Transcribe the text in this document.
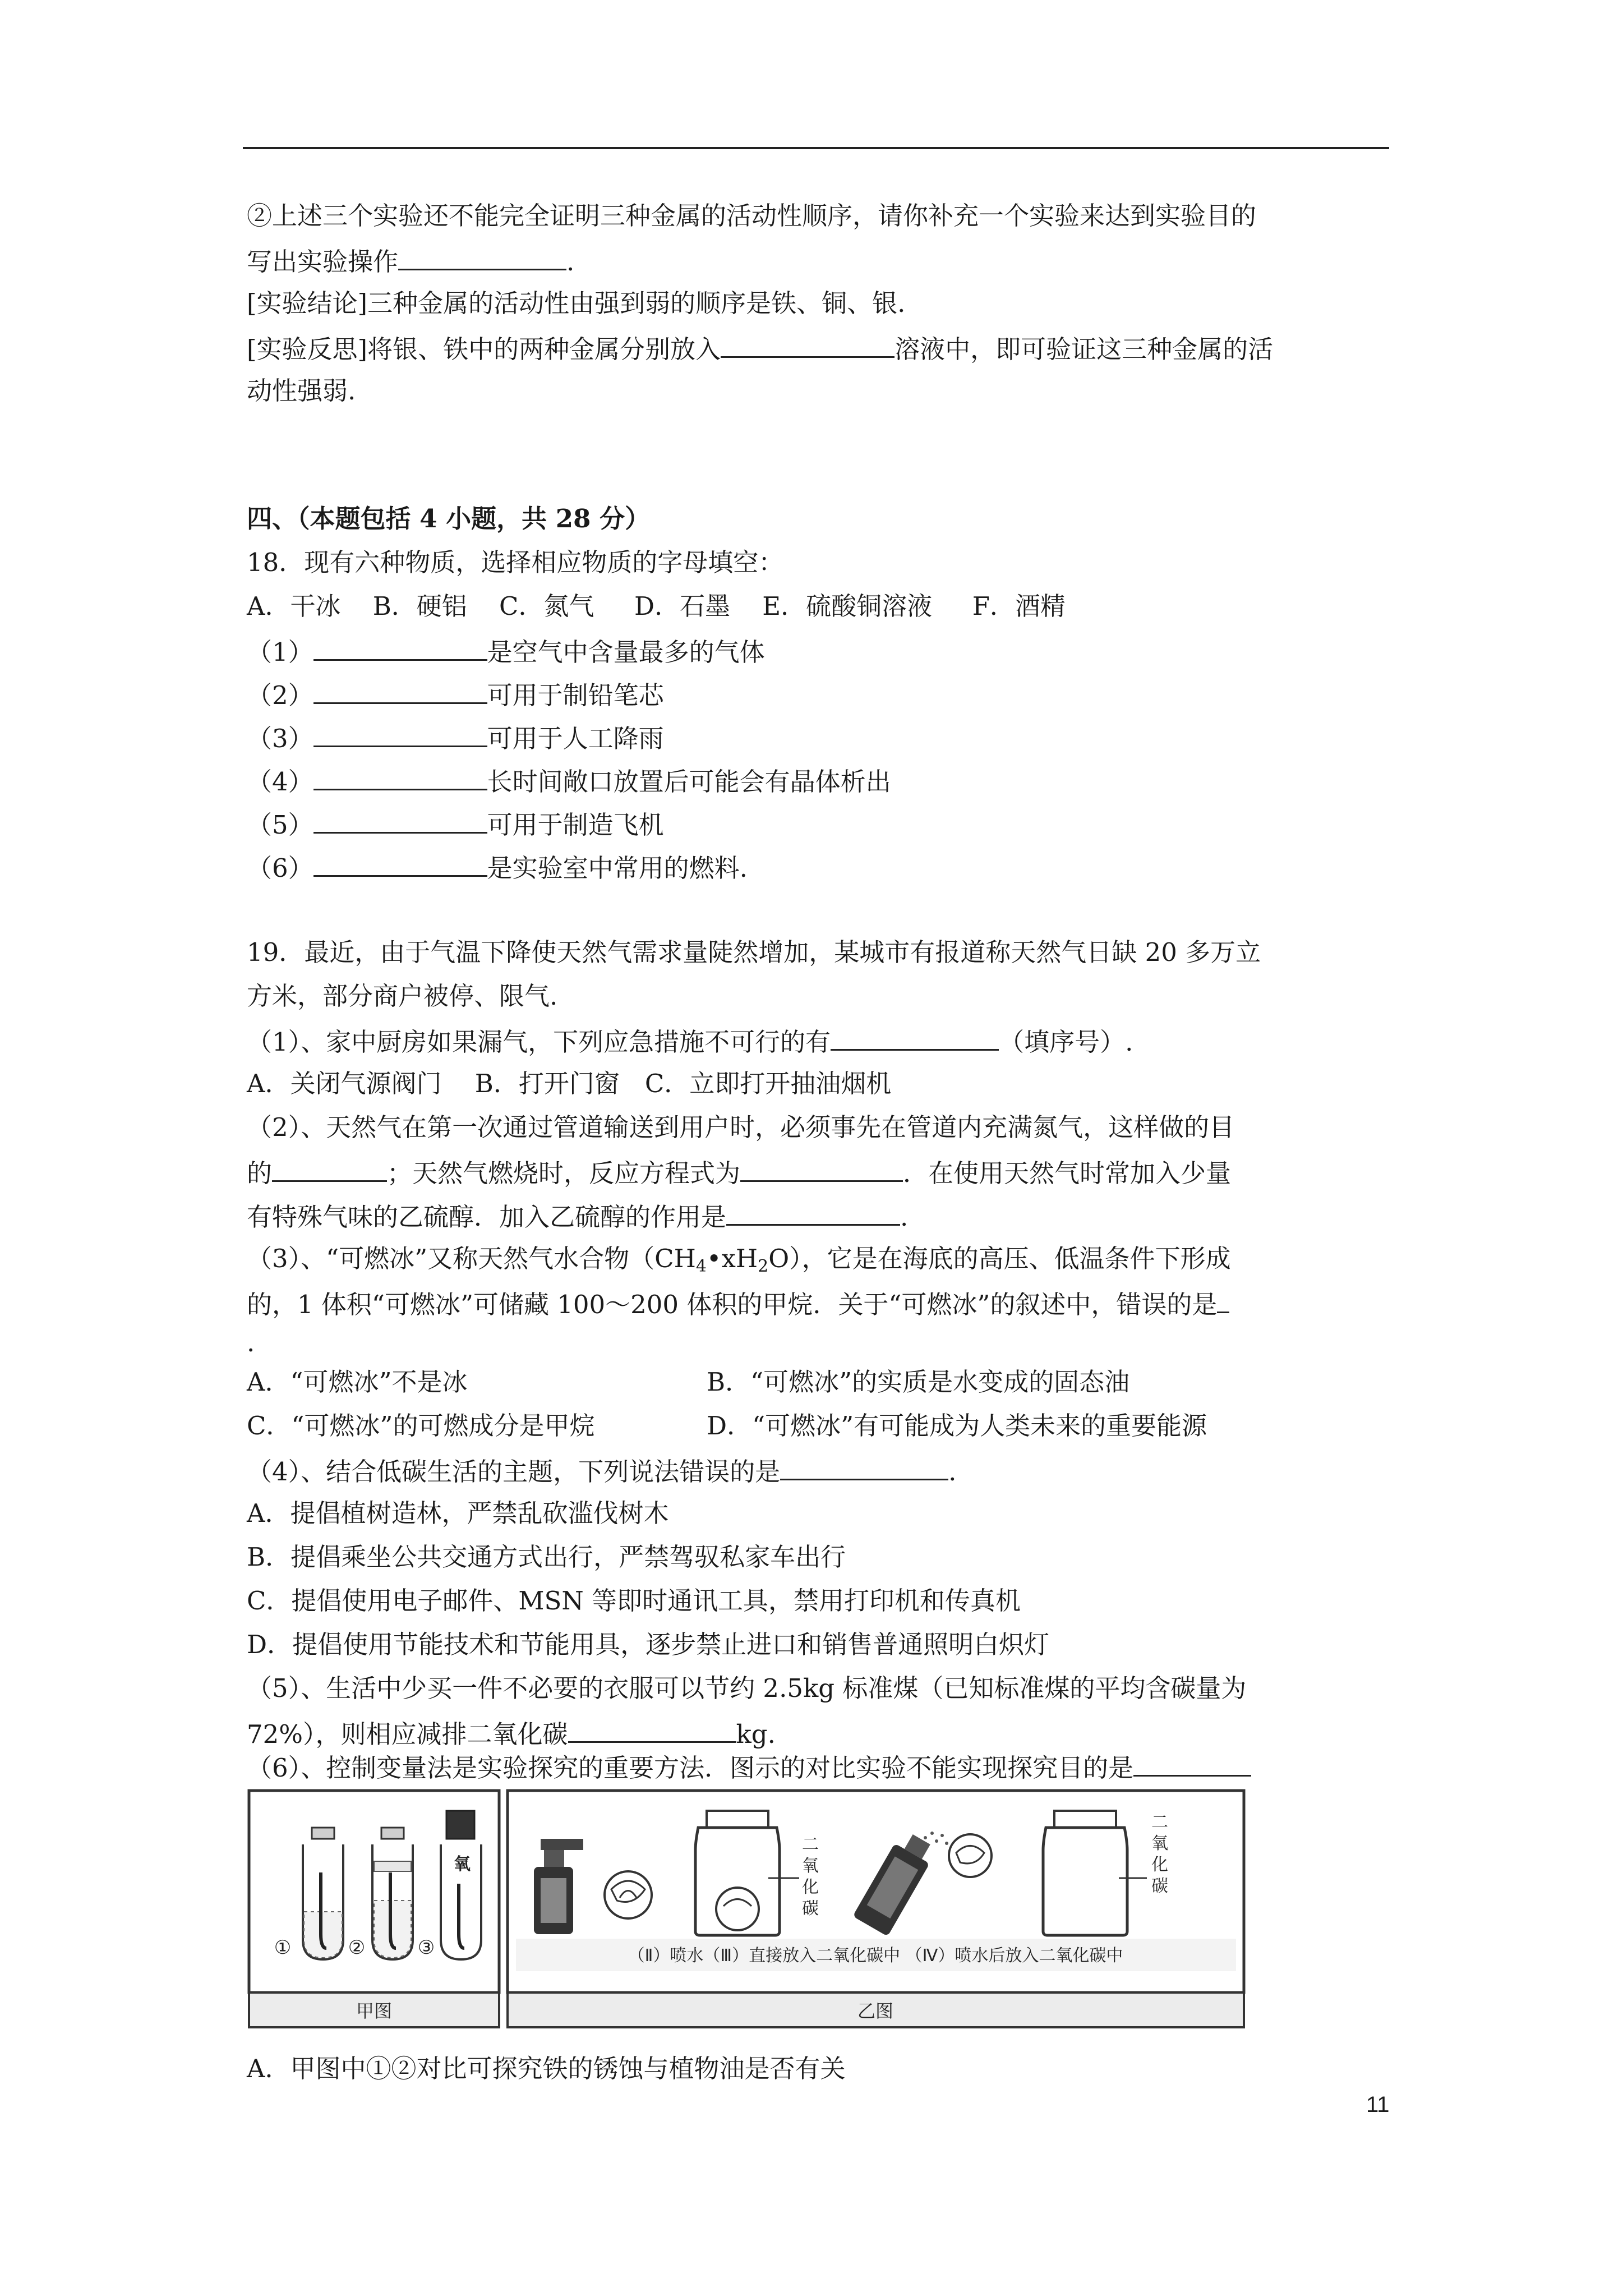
②上述三个实验还不能完全证明三种金属的活动性顺序，请你补充一个实验来达到实验目的
写出实验操作	.
[实验结论]三种金属的活动性由强到弱的顺序是铁、铜、银.
[实验反思]将银、铁中的两种金属分别放入	溶液中，即可验证这三种金属的活
动性强弱.
四、（本题包括 4 小题，共 28 分）
18．现有六种物质，选择相应物质的字母填空：
A．干冰 B．硬铝 C．氮气 D．石墨 E．硫酸铜溶液 F．酒精
（1）	是空气中含量最多的气体
（2）	可用于制铅笔芯
（3）	可用于人工降雨
（4）	长时间敞口放置后可能会有晶体析出
（5）	可用于制造飞机
（6）	是实验室中常用的燃料.
19．最近，由于气温下降使天然气需求量陡然增加，某城市有报道称天然气日缺 20 多万立
方米，部分商户被停、限气.
（1）、家中厨房如果漏气，下列应急措施不可行的有	（填序号）.
A．关闭气源阀门　 B．打开门窗　C．立即打开抽油烟机
（2）、天然气在第一次通过管道输送到用户时，必须事先在管道内充满氮气，这样做的目
的	；天然气燃烧时，反应方程式为	．在使用天然气时常加入少量
有特殊气味的乙硫醇．加入乙硫醇的作用是	.
（3）、“可燃冰”又称天然气水合物$(CH_4•xH_2O)$，它是在海底的高压、低温条件下形成
的，1 体积“可燃冰”可储藏 100～200 体积的甲烷．关于“可燃冰”的叙述中，错误的是
.
A．“可燃冰”不是冰	B．“可燃冰”的实质是水变成的固态油
C．“可燃冰”的可燃成分是甲烷	D．“可燃冰”有可能成为人类未来的重要能源
（4）、结合低碳生活的主题，下列说法错误的是	.
A．提倡植树造林，严禁乱砍滥伐树木
B．提倡乘坐公共交通方式出行，严禁驾驭私家车出行
C．提倡使用电子邮件、MSN 等即时通讯工具，禁用打印机和传真机
D．提倡使用节能技术和节能用具，逐步禁止进口和销售普通照明白炽灯
（5）、生活中少买一件不必要的衣服可以节约 2.5kg 标准煤（已知标准煤的平均含碳量为
72%），则相应减排二氧化碳	kg.
（6）、控制变量法是实验探究的重要方法．图示的对比实验不能实现探究目的是
甲图
①	②
氧
③
乙图
（Ⅱ）喷水（Ⅲ）直接放入二氧化碳中 （Ⅳ）喷水后放入二氧化碳中
二
氧
化
碳
二
氧
化
碳
A．甲图中①②对比可探究铁的锈蚀与植物油是否有关
11
